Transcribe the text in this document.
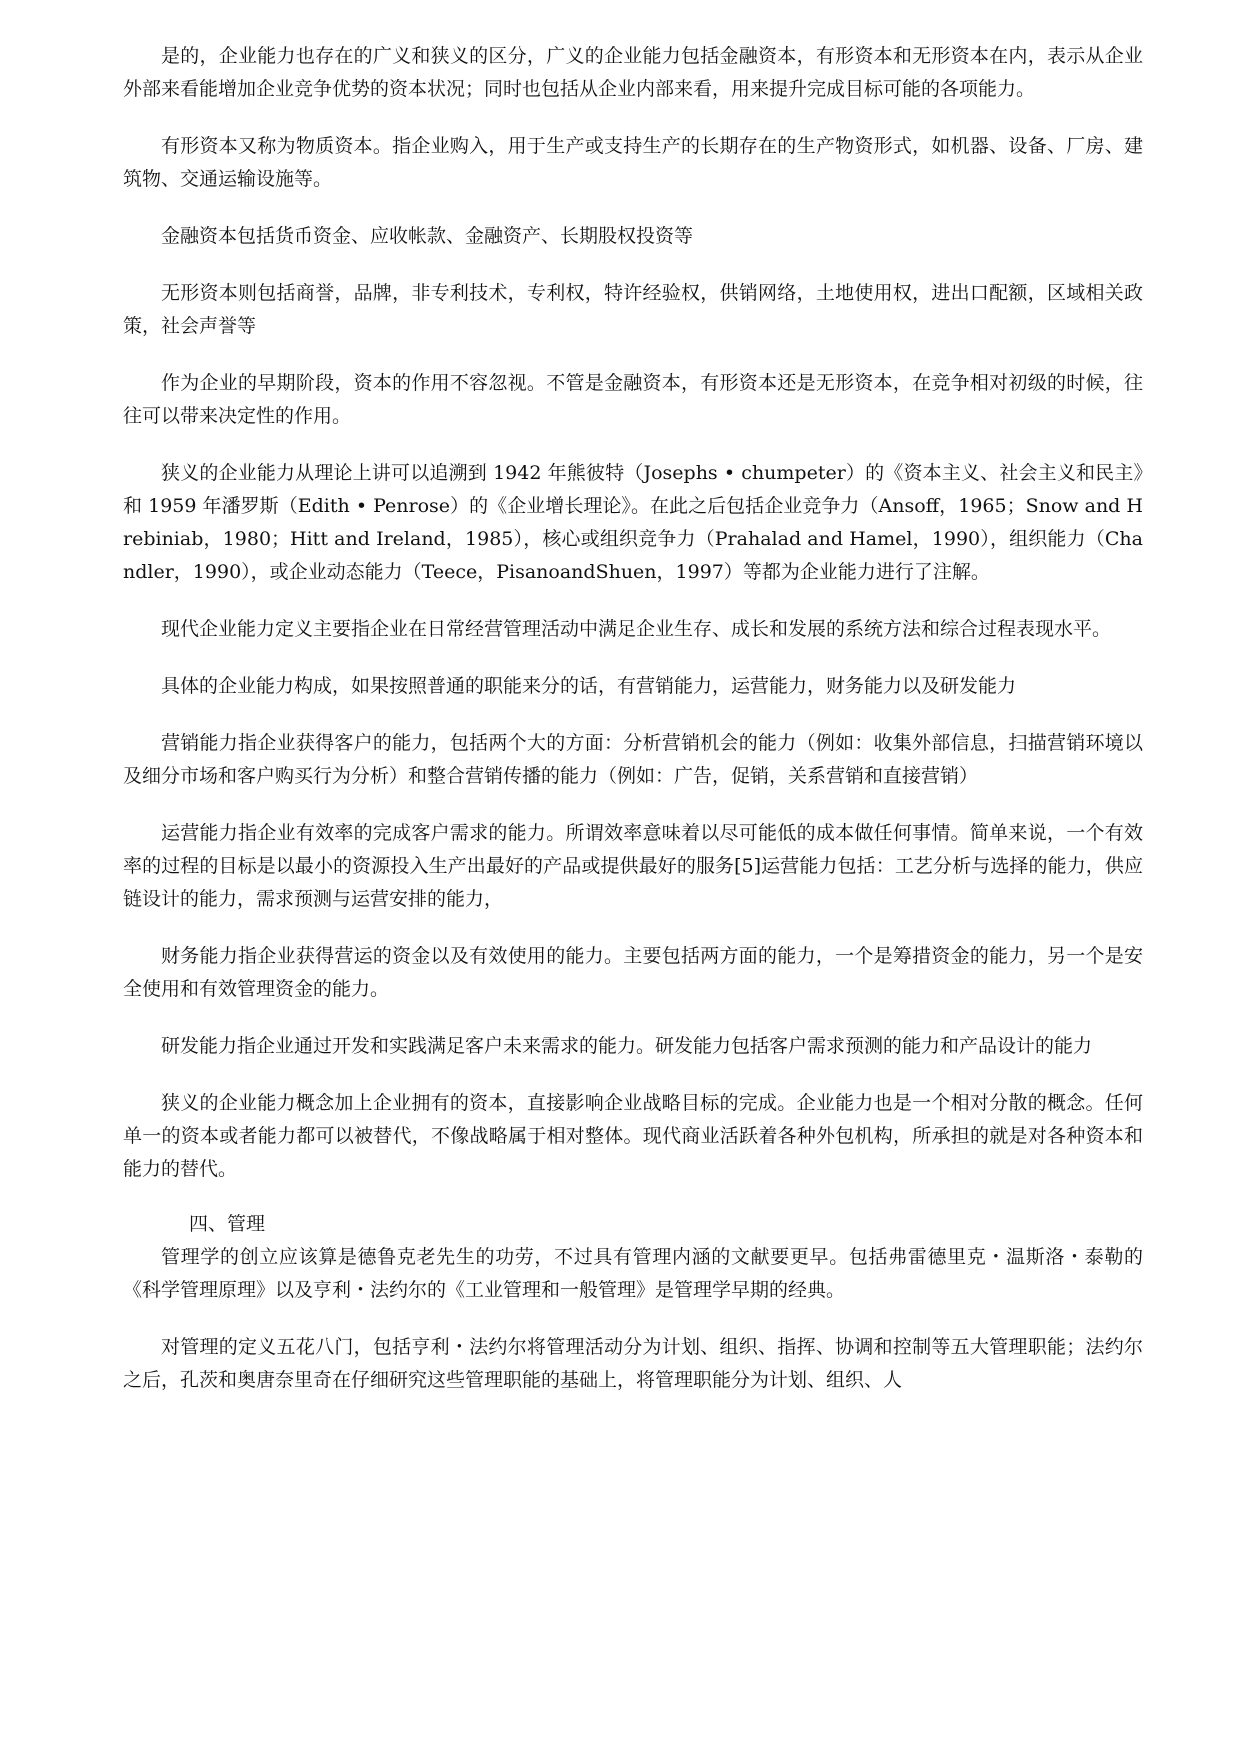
是的，企业能力也存在的广义和狭义的区分，广义的企业能力包括金融资本，有形资本和无形资本在内，表示从企业外部来看能增加企业竞争优势的资本状况；同时也包括从企业内部来看，用来提升完成目标可能的各项能力。

有形资本又称为物质资本。指企业购入，用于生产或支持生产的长期存在的生产物资形式，如机器、设备、厂房、建筑物、交通运输设施等。

金融资本包括货币资金、应收帐款、金融资产、长期股权投资等

无形资本则包括商誉，品牌，非专利技术，专利权，特许经验权，供销网络，土地使用权，进出口配额，区域相关政策，社会声誉等

作为企业的早期阶段，资本的作用不容忽视。不管是金融资本，有形资本还是无形资本，在竞争相对初级的时候，往往可以带来决定性的作用。

狭义的企业能力从理论上讲可以追溯到 1942 年熊彼特（Josephs • chumpeter）的《资本主义、社会主义和民主》和 1959 年潘罗斯（Edith • Penrose）的《企业增长理论》。在此之后包括企业竞争力（Ansoff，1965；Snow and Hrebiniab，1980；Hitt and Ireland，1985），核心或组织竞争力（Prahalad and Hamel，1990），组织能力（Chandler，1990），或企业动态能力（Teece，PisanoandShuen，1997）等都为企业能力进行了注解。

现代企业能力定义主要指企业在日常经营管理活动中满足企业生存、成长和发展的系统方法和综合过程表现水平。

具体的企业能力构成，如果按照普通的职能来分的话，有营销能力，运营能力，财务能力以及研发能力

营销能力指企业获得客户的能力，包括两个大的方面：分析营销机会的能力（例如：收集外部信息，扫描营销环境以及细分市场和客户购买行为分析）和整合营销传播的能力（例如：广告，促销，关系营销和直接营销）

运营能力指企业有效率的完成客户需求的能力。所谓效率意味着以尽可能低的成本做任何事情。简单来说，一个有效率的过程的目标是以最小的资源投入生产出最好的产品或提供最好的服务[5]运营能力包括：工艺分析与选择的能力，供应链设计的能力，需求预测与运营安排的能力，

财务能力指企业获得营运的资金以及有效使用的能力。主要包括两方面的能力，一个是筹措资金的能力，另一个是安全使用和有效管理资金的能力。

研发能力指企业通过开发和实践满足客户未来需求的能力。研发能力包括客户需求预测的能力和产品设计的能力

狭义的企业能力概念加上企业拥有的资本，直接影响企业战略目标的完成。企业能力也是一个相对分散的概念。任何单一的资本或者能力都可以被替代，不像战略属于相对整体。现代商业活跃着各种外包机构，所承担的就是对各种资本和能力的替代。

四、管理

管理学的创立应该算是德鲁克老先生的功劳，不过具有管理内涵的文献要更早。包括弗雷德里克・温斯洛・泰勒的《科学管理原理》以及亨利・法约尔的《工业管理和一般管理》是管理学早期的经典。

对管理的定义五花八门，包括亨利・法约尔将管理活动分为计划、组织、指挥、协调和控制等五大管理职能；法约尔之后，孔茨和奥唐奈里奇在仔细研究这些管理职能的基础上，将管理职能分为计划、组织、人
